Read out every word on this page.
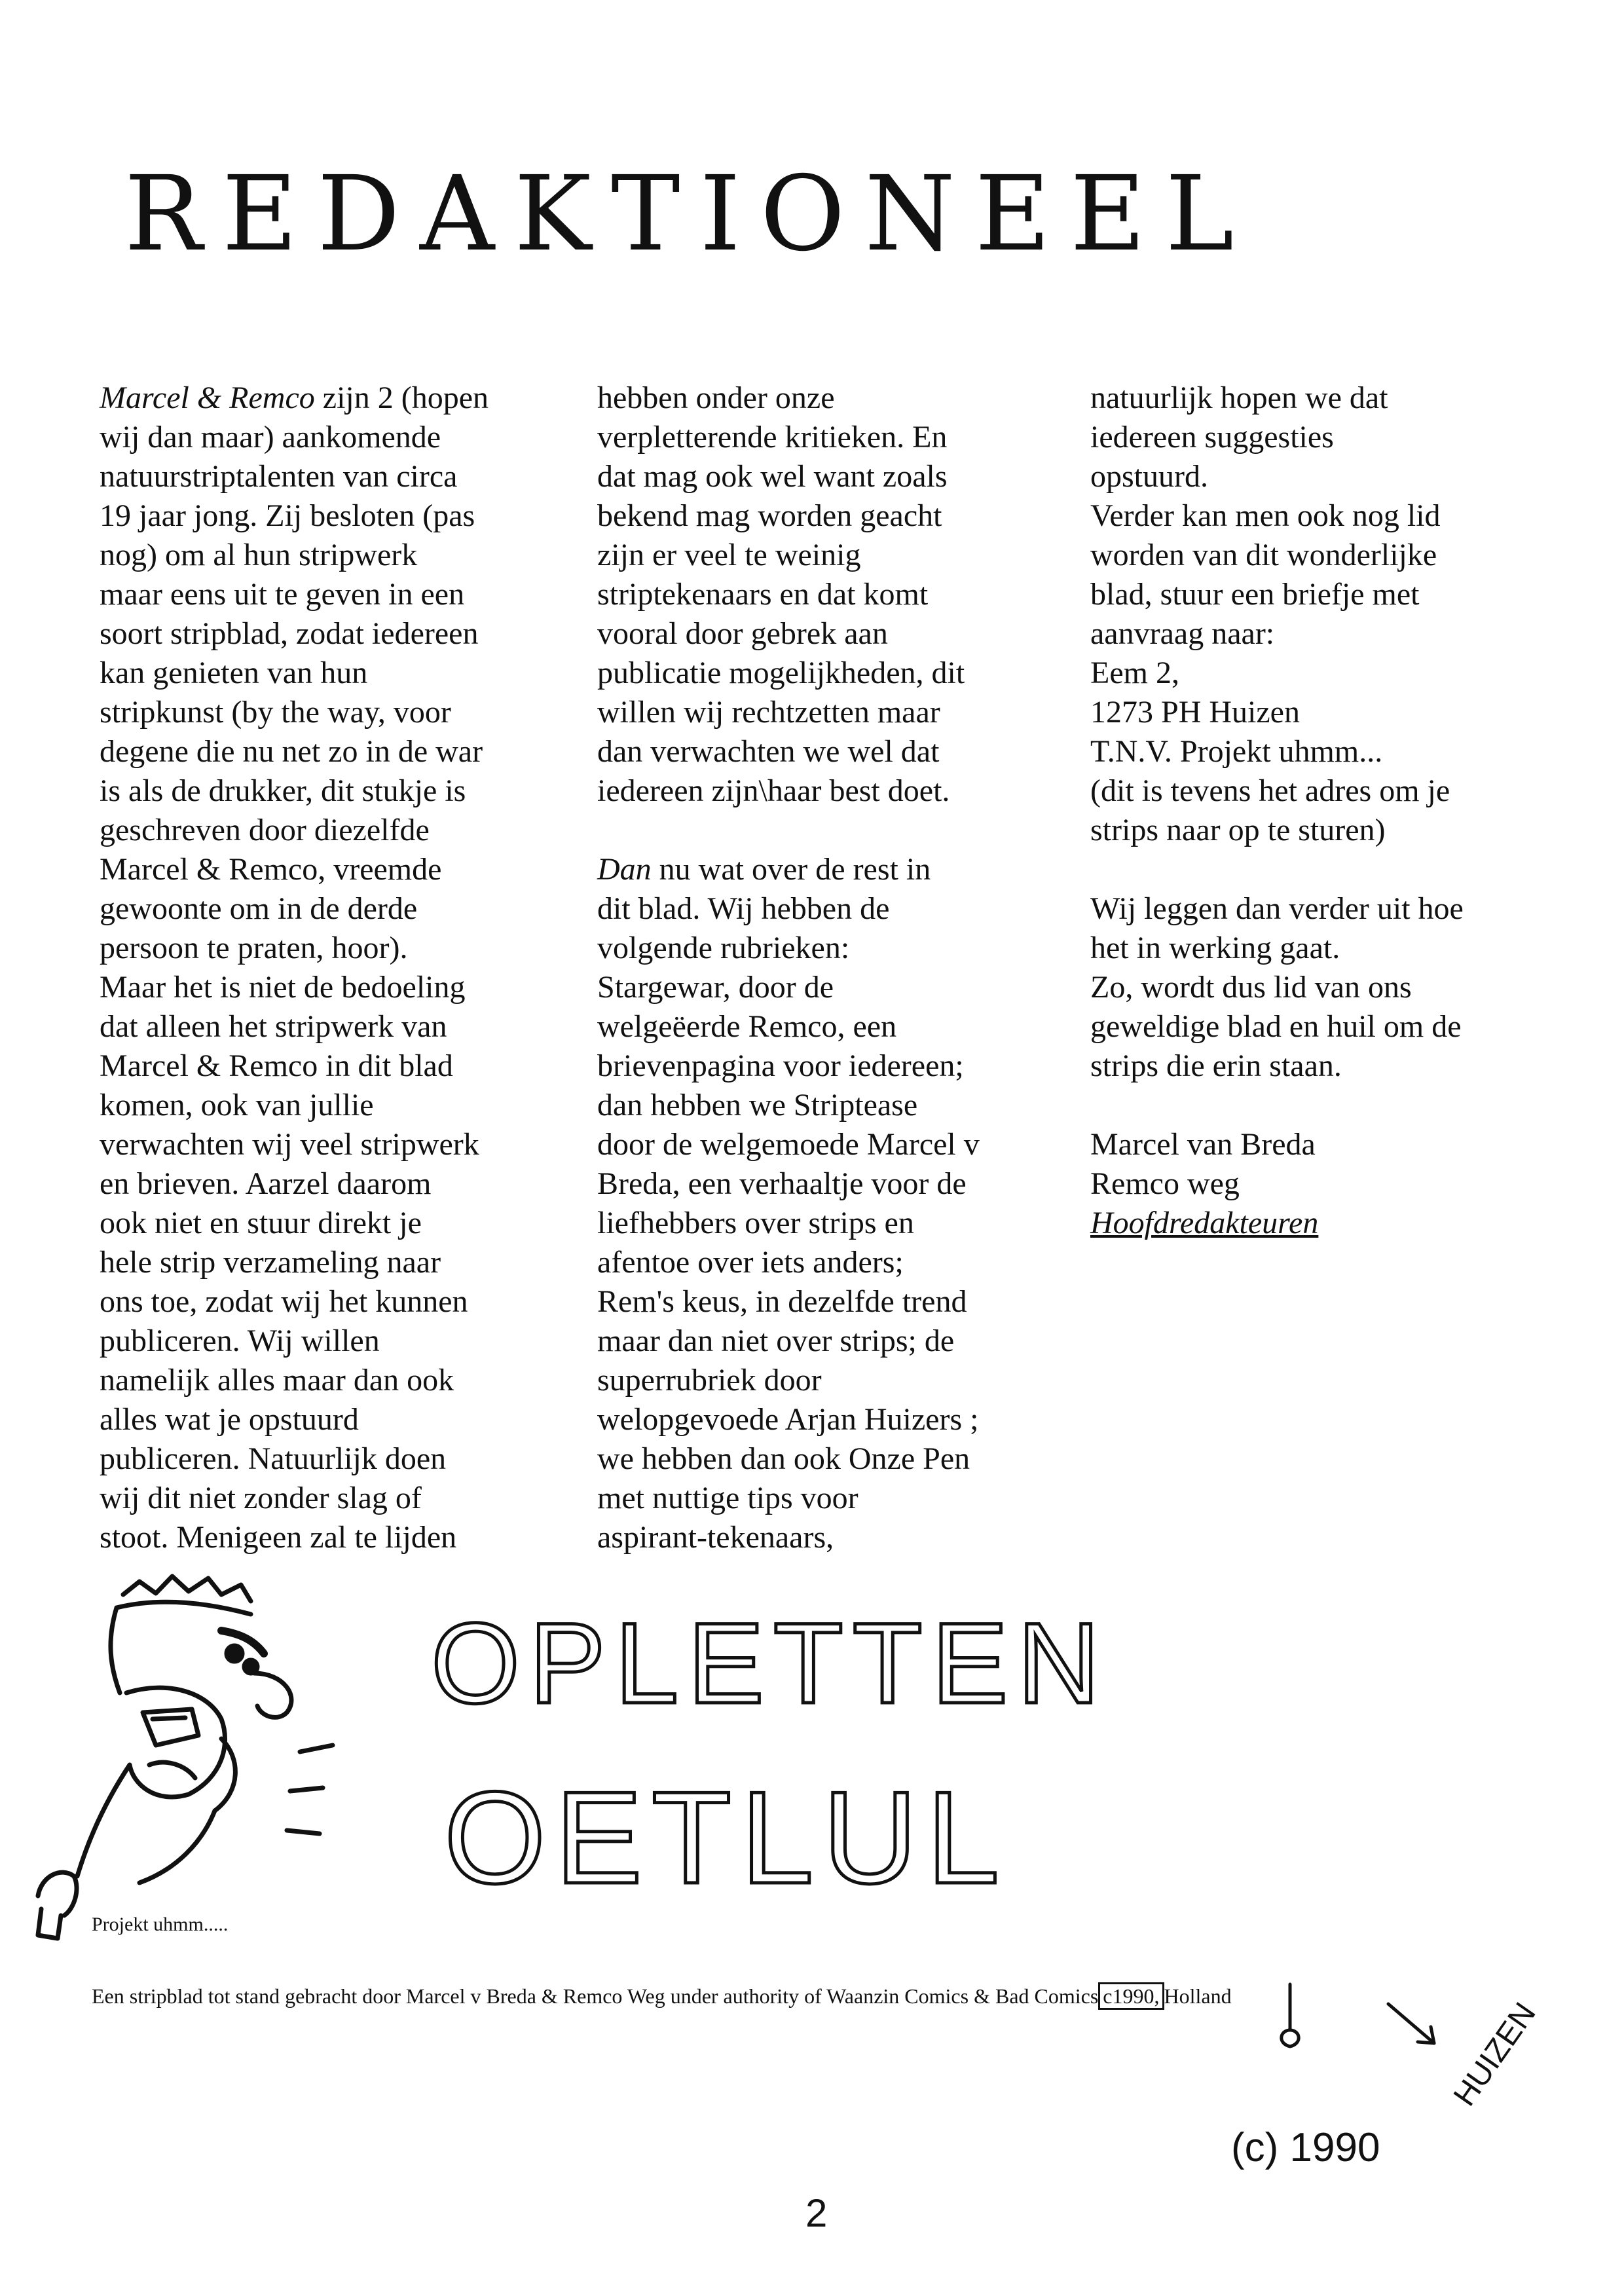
REDAKTIONEEL

Marcel & Remco zijn 2 (hopen

wij dan maar) aankomende

natuurstriptalenten van circa

19 jaar jong. Zij besloten (pas

nog) om al hun stripwerk

maar eens uit te geven in een

soort stripblad, zodat iedereen

kan genieten van hun

stripkunst (by the way, voor

degene die nu net zo in de war

is als de drukker, dit stukje is

geschreven door diezelfde

Marcel & Remco, vreemde

gewoonte om in de derde

persoon te praten, hoor).

Maar het is niet de bedoeling

dat alleen het stripwerk van

Marcel & Remco in dit blad

komen, ook van jullie

verwachten wij veel stripwerk

en brieven. Aarzel daarom

ook niet en stuur direkt je

hele strip verzameling naar

ons toe, zodat wij het kunnen

publiceren. Wij willen

namelijk alles maar dan ook

alles wat je opstuurd

publiceren. Natuurlijk doen

wij dit niet zonder slag of

stoot. Menigeen zal te lijden

hebben onder onze

verpletterende kritieken. En

dat mag ook wel want zoals

bekend mag worden geacht

zijn er veel te weinig

striptekenaars en dat komt

vooral door gebrek aan

publicatie mogelijkheden, dit

willen wij rechtzetten maar

dan verwachten we wel dat

iedereen zijn\haar best doet.

Dan nu wat over de rest in

dit blad. Wij hebben de

volgende rubrieken:

Stargewar, door de

welgeëerde Remco, een

brievenpagina voor iedereen;

dan hebben we Striptease

door de welgemoede Marcel v

Breda, een verhaaltje voor de

liefhebbers over strips en

afentoe over iets anders;

Rem's keus, in dezelfde trend

maar dan niet over strips; de

superrubriek door

welopgevoede Arjan Huizers ;

we hebben dan ook Onze Pen

met nuttige tips voor

aspirant-tekenaars,

natuurlijk hopen we dat

iedereen suggesties

opstuurd.

Verder kan men ook nog lid

worden van dit wonderlijke

blad, stuur een briefje met

aanvraag naar:

Eem 2,

1273 PH Huizen

T.N.V. Projekt uhmm...

(dit is tevens het adres om je

strips naar op te sturen)

Wij leggen dan verder uit hoe

het in werking gaat.

Zo, wordt dus lid van ons

geweldige blad en huil om de

strips die erin staan.

Marcel van Breda

Remco weg

Hoofdredakteuren

OPLETTEN
OETLUL
Projekt uhmm.....
Een stripblad tot stand gebracht door Marcel v Breda & Remco Weg under authority of Waanzin Comics & Bad Comics c1990, Holland
(c) 1990
HUIZEN
2
